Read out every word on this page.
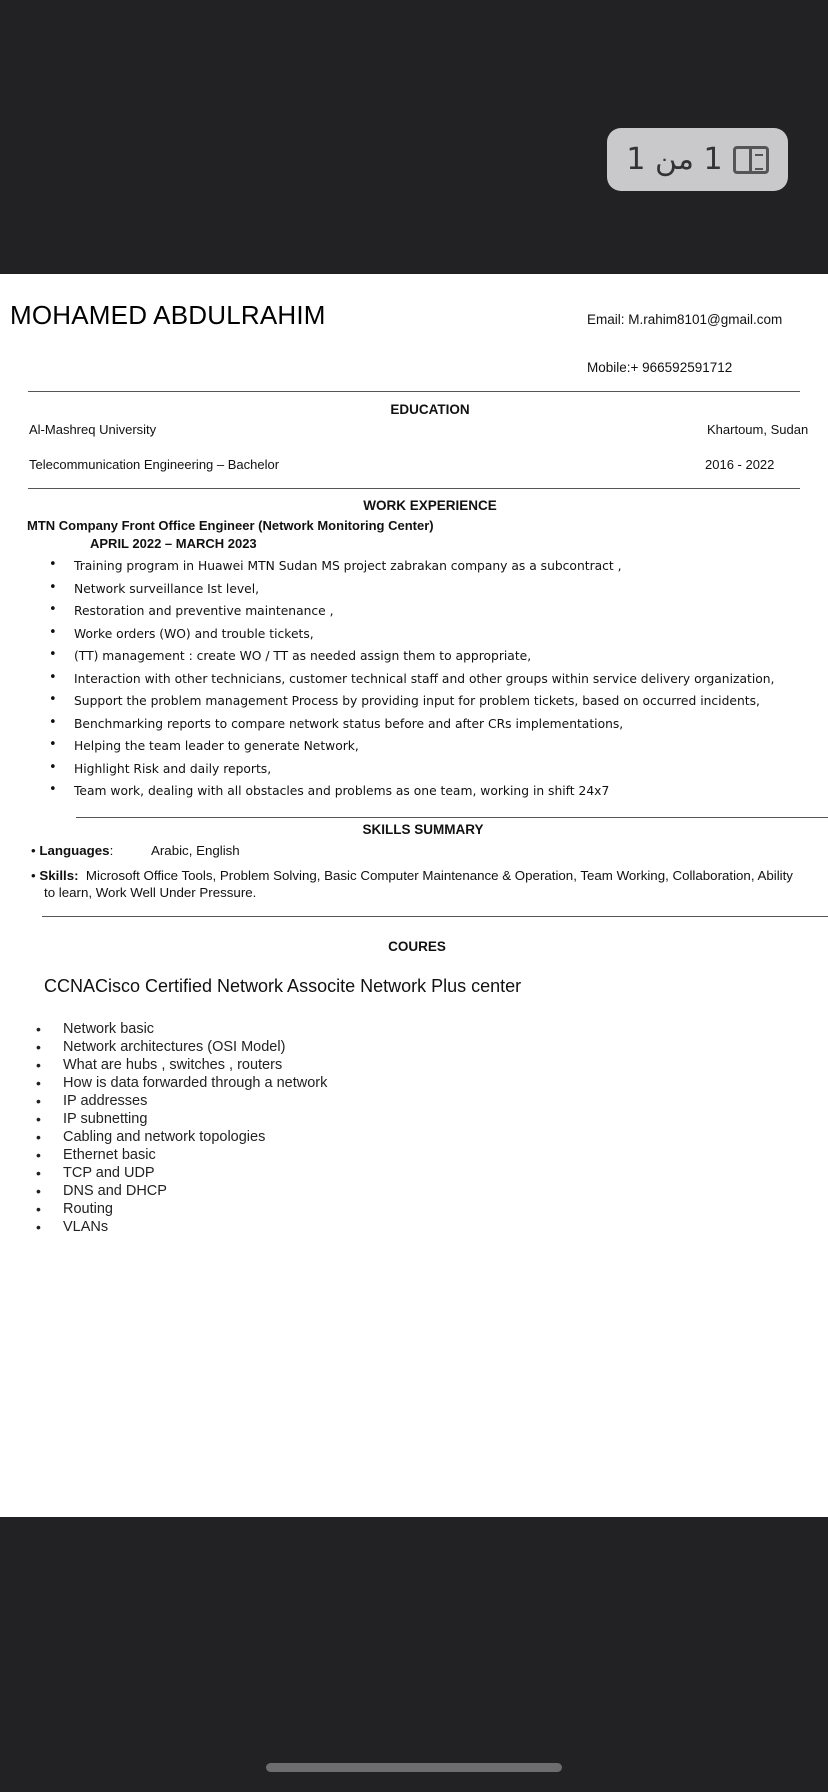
1 من 1
MOHAMED ABDULRAHIM	Email: M.rahim8101@gmail.com
Mobile:+ 966592591712
EDUCATION
Al-Mashreq University	Khartoum, Sudan
Telecommunication Engineering – Bachelor	2016 - 2022
WORK EXPERIENCE
MTN Company Front Office Engineer (Network Monitoring Center)
APRIL 2022 – MARCH 2023
• Training program in Huawei MTN Sudan MS project zabrakan company as a subcontract ,
• Network surveillance Ist level,
• Restoration and preventive maintenance ,
• Worke orders (WO) and trouble tickets,
• (TT) management : create WO / TT as needed assign them to appropriate,
• Interaction with other technicians, customer technical staff and other groups within service delivery organization,
• Support the problem management Process by providing input for problem tickets, based on occurred incidents,
• Benchmarking reports to compare network status before and after CRs implementations,
• Helping the team leader to generate Network,
• Highlight Risk and daily reports,
• Team work, dealing with all obstacles and problems as one team, working in shift 24x7
SKILLS SUMMARY
• Languages:	Arabic, English
• Skills: Microsoft Office Tools, Problem Solving, Basic Computer Maintenance & Operation, Team Working, Collaboration, Ability
to learn, Work Well Under Pressure.
COURES
CCNACisco Certified Network Associte Network Plus center
• Network basic
• Network architectures (OSI Model)
• What are hubs , switches , routers
• How is data forwarded through a network
• IP addresses
• IP subnetting
• Cabling and network topologies
• Ethernet basic
• TCP and UDP
• DNS and DHCP
• Routing
• VLANs
